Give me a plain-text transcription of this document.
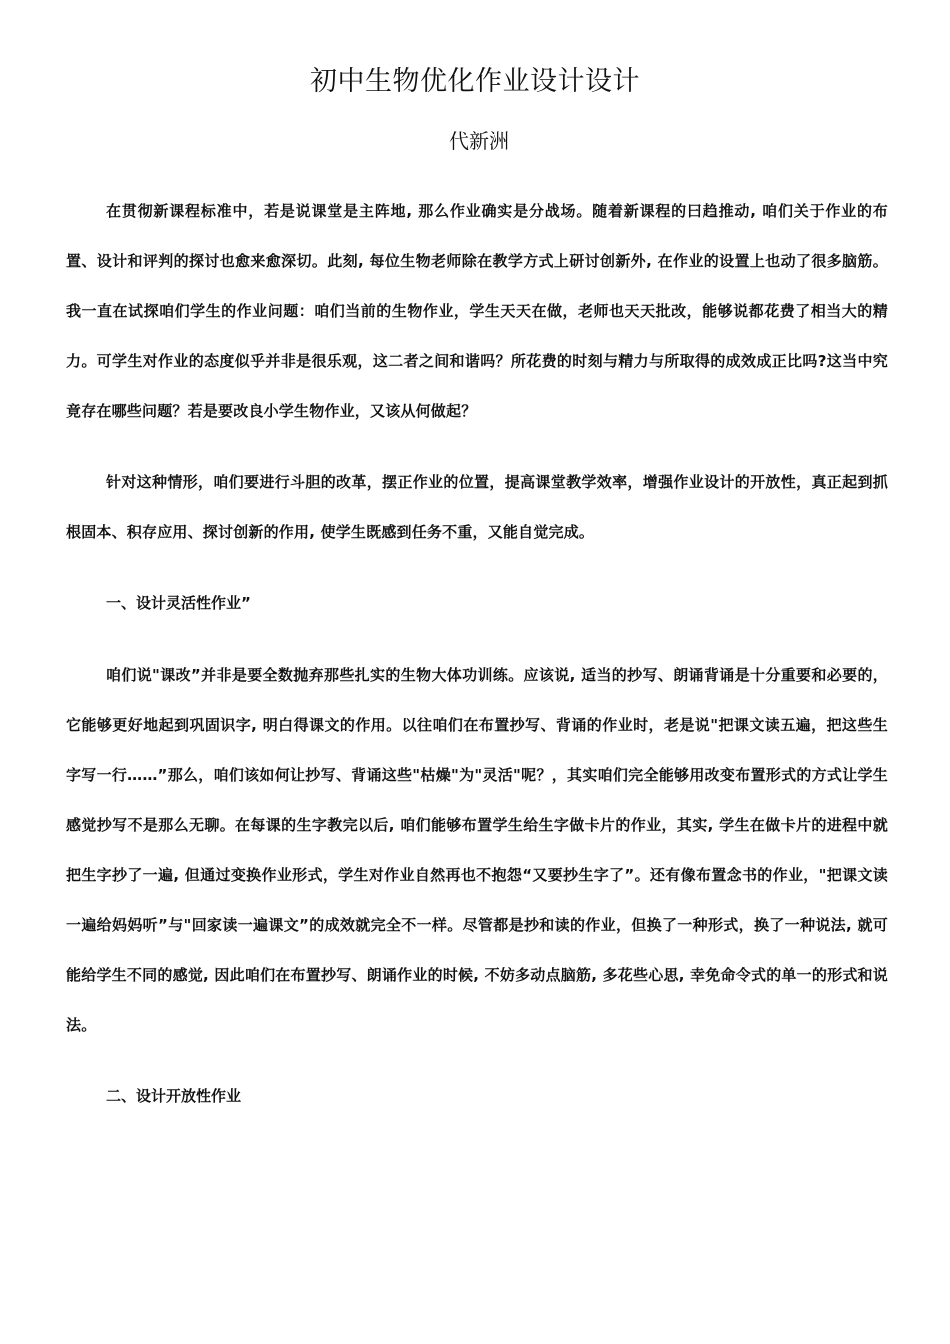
初中生物优化作业设计设计
代新洲

在贯彻新课程标准中，若是说课堂是主阵地, 那么作业确实是分战场。随着新课程的曰趋推动, 咱们关于作业的布置、设计和评判的探讨也愈来愈深切。此刻, 每位生物老师除在教学方式上研讨创新外, 在作业的设置上也动了很多脑筋。我一直在试探咱们学生的作业问题：咱们当前的生物作业，学生天天在做，老师也天天批改，能够说都花费了相当大的精力。可学生对作业的态度似乎并非是很乐观，这二者之间和谐吗？所花费的时刻与精力与所取得的成效成正比吗?这当中究竟存在哪些问题？若是要改良小学生物作业，又该从何做起？

针对这种情形，咱们要进行斗胆的改革，摆正作业的位置，提高课堂教学效率，增强作业设计的开放性，真正起到抓根固本、积存应用、探讨创新的作用, 使学生既感到任务不重，又能自觉完成。

一、设计灵活性作业”

咱们说"课改”并非是要全数抛弃那些扎实的生物大体功训练。应该说, 适当的抄写、朗诵背诵是十分重要和必要的，它能够更好地起到巩固识字, 明白得课文的作用。以往咱们在布置抄写、背诵的作业时，老是说"把课文读五遍，把这些生字写一行……”那么，咱们该如何让抄写、背诵这些"枯燥"为"灵活"呢？，其实咱们完全能够用改变布置形式的方式让学生感觉抄写不是那么无聊。在每课的生字教完以后, 咱们能够布置学生给生字做卡片的作业，其实, 学生在做卡片的进程中就把生字抄了一遍, 但通过变换作业形式，学生对作业自然再也不抱怨“又要抄生字了”。还有像布置念书的作业，"把课文读一遍给妈妈听”与"回家读一遍课文”的成效就完全不一样。尽管都是抄和读的作业，但换了一种形式，换了一种说法, 就可能给学生不同的感觉, 因此咱们在布置抄写、朗诵作业的时候, 不妨多动点脑筋, 多花些心思, 幸免命令式的单一的形式和说法。

二、设计开放性作业
